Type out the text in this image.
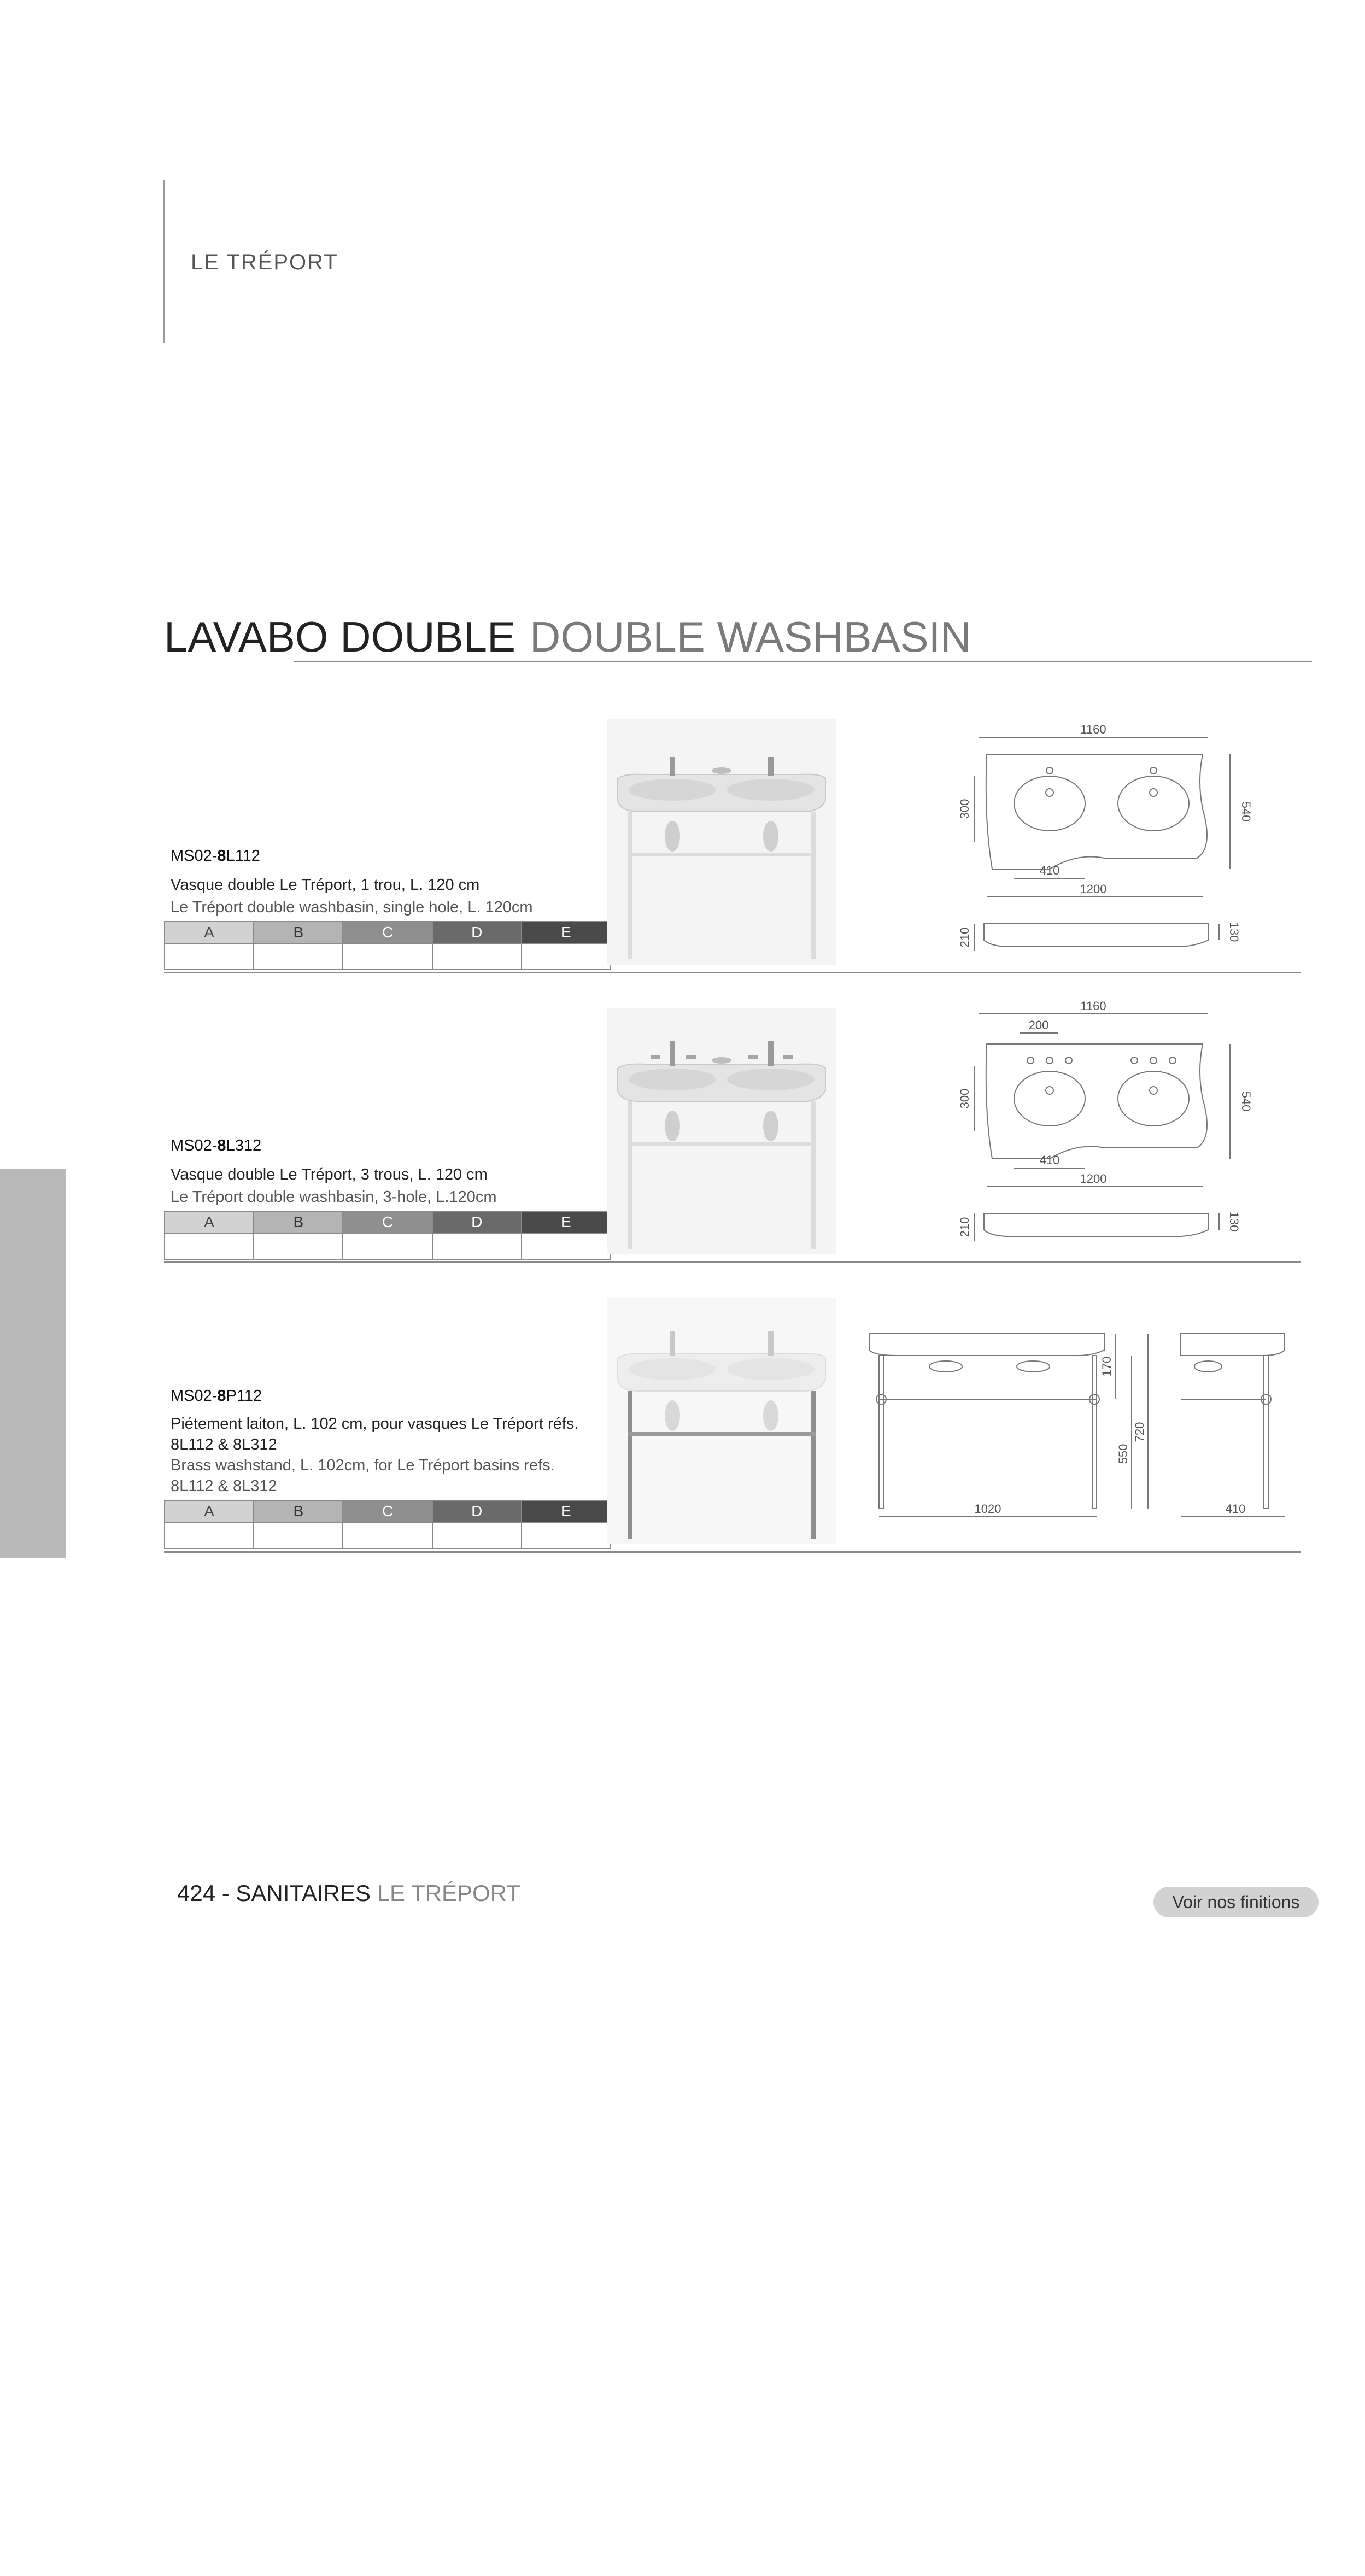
LE TRÉPORT
LAVABO DOUBLE DOUBLE WASHBASIN
MS02-8L112
Vasque double Le Tréport, 1 trou, L. 120 cm
Le Tréport double washbasin, single hole, L. 120cm
A	B	C	D	E

1160
300	540
410
1200
210	130
MS02-8L312
Vasque double Le Tréport, 3 trous, L. 120 cm
Le Tréport double washbasin, 3-hole, L.120cm
A	B	C	D	E

1160
200
300	540
410
1200
210	130
MS02-8P112
Piétement laiton, L. 102 cm, pour vasques Le Tréport réfs. 8L112 & 8L312
Brass washstand, L. 102cm, for Le Tréport basins refs. 8L112 & 8L312
A	B	C	D	E

170
550
720
1020	410
SANITAIRES
424 - SANITAIRES LE TRÉPORT	Voir nos finitions
